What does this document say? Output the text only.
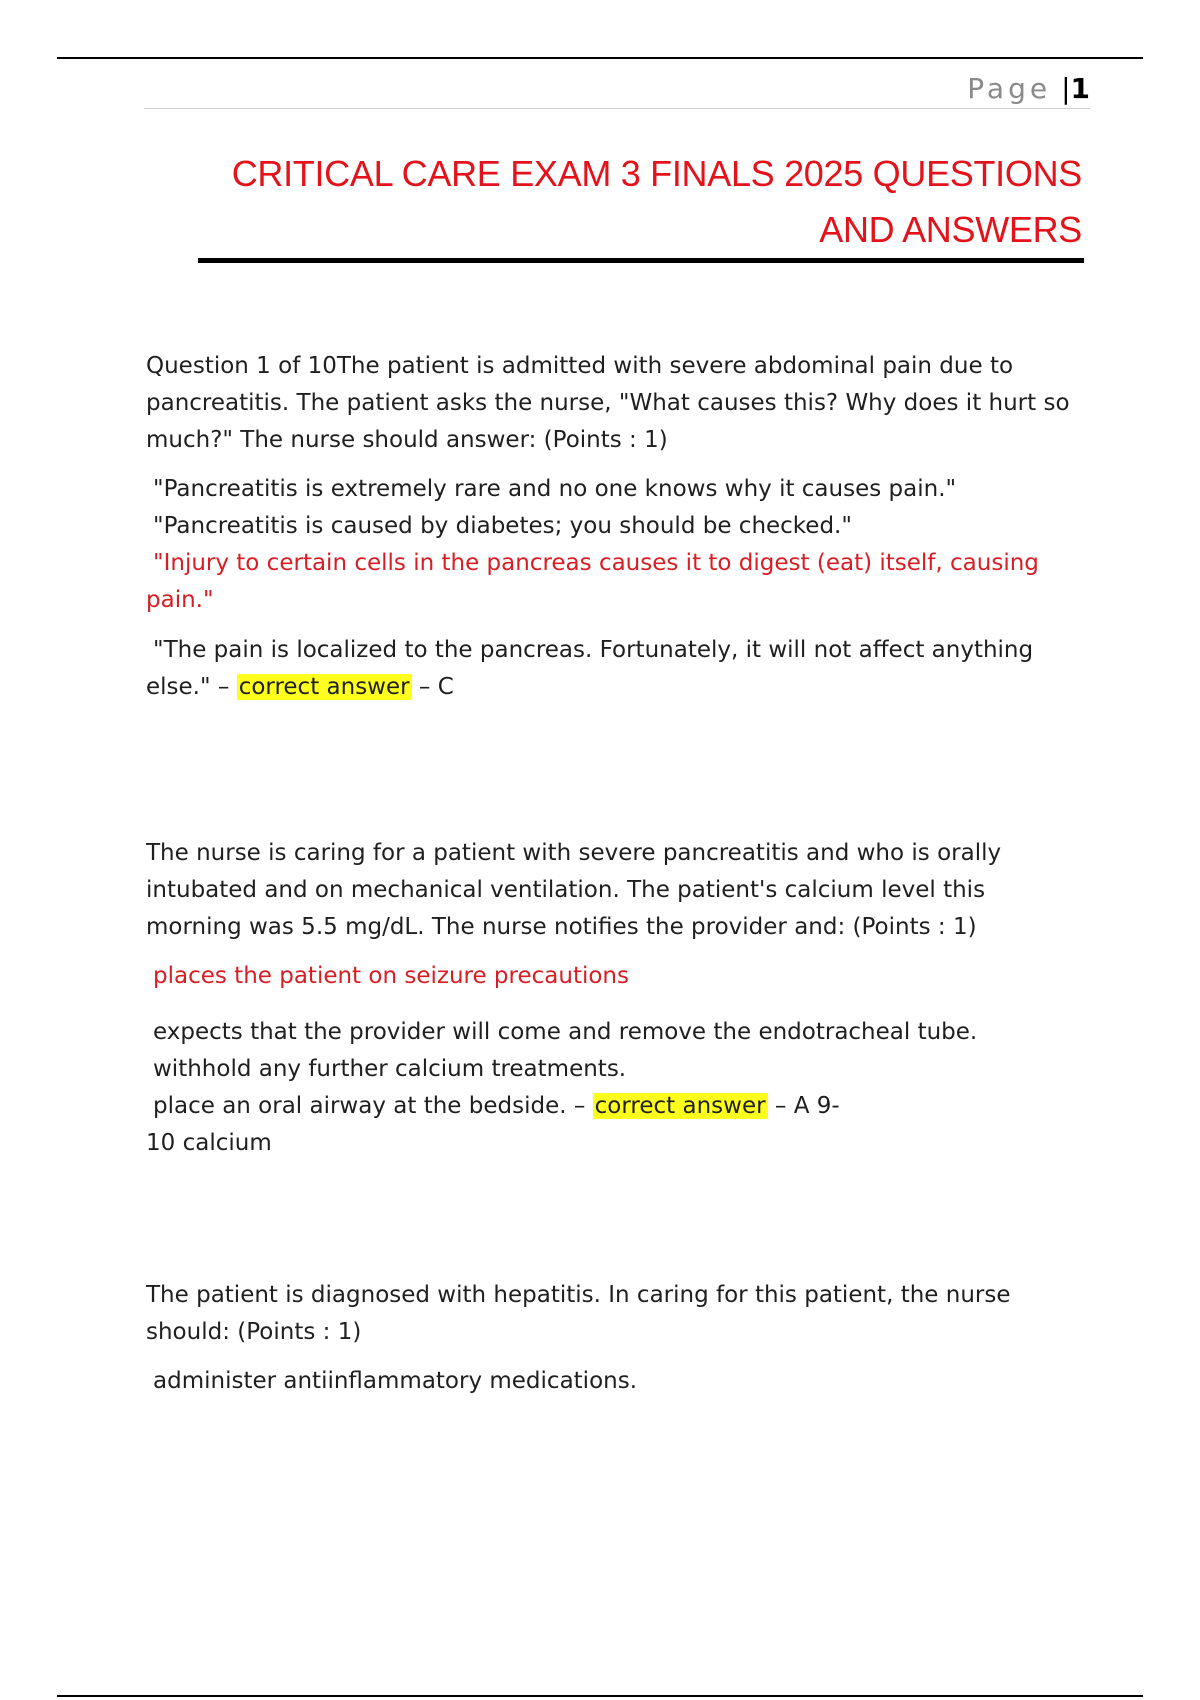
Page |1
CRITICAL CARE EXAM 3 FINALS 2025 QUESTIONS
AND ANSWERS

Question 1 of 10The patient is admitted with severe abdominal pain due to pancreatitis. The patient asks the nurse, "What causes this? Why does it hurt so much?" The nurse should answer: (Points : 1)

"Pancreatitis is extremely rare and no one knows why it causes pain."
"Pancreatitis is caused by diabetes; you should be checked."
"Injury to certain cells in the pancreas causes it to digest (eat) itself, causing pain."
"The pain is localized to the pancreas. Fortunately, it will not affect anything else." – correct answer – C

The nurse is caring for a patient with severe pancreatitis and who is orally intubated and on mechanical ventilation. The patient's calcium level this morning was 5.5 mg/dL. The nurse notifies the provider and: (Points : 1)

places the patient on seizure precautions
expects that the provider will come and remove the endotracheal tube.
withhold any further calcium treatments.
place an oral airway at the bedside. – correct answer – A 9-
10 calcium

The patient is diagnosed with hepatitis. In caring for this patient, the nurse should: (Points : 1)

administer antiinflammatory medications.
